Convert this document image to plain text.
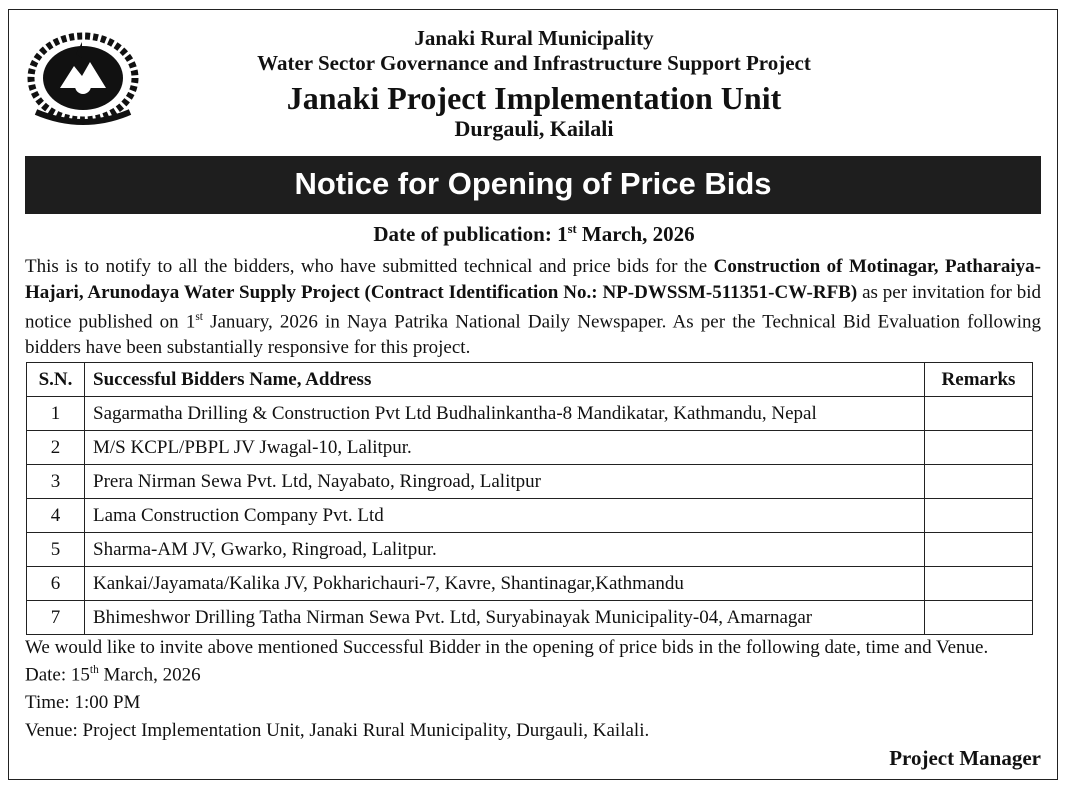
Janaki Rural Municipality

Water Sector Governance and Infrastructure Support Project

Janaki Project Implementation Unit

Durgauli, Kailali

Notice for Opening of Price Bids
Date of publication: 1st March, 2026

This is to notify to all the bidders, who have submitted technical and price bids for the Construction of Motinagar, Patharaiya-Hajari, Arunodaya Water Supply Project (Contract Identification No.: NP-DWSSM-511351-CW-RFB) as per invitation for bid notice published on 1st January, 2026 in Naya Patrika National Daily Newspaper. As per the Technical Bid Evaluation following bidders have been substantially responsive for this project.

S.N.	Successful Bidders Name, Address	Remarks
1	Sagarmatha Drilling & Construction Pvt Ltd Budhalinkantha-8 Mandikatar, Kathmandu, Nepal	
2	M/S KCPL/PBPL JV Jwagal-10, Lalitpur.	
3	Prera Nirman Sewa Pvt. Ltd, Nayabato, Ringroad, Lalitpur	
4	Lama Construction Company Pvt. Ltd	
5	Sharma-AM JV, Gwarko, Ringroad, Lalitpur.	
6	Kankai/Jayamata/Kalika JV, Pokharichauri-7, Kavre, Shantinagar,Kathmandu	
7	Bhimeshwor Drilling Tatha Nirman Sewa Pvt. Ltd, Suryabinayak Municipality-04, Amarnagar	

We would like to invite above mentioned Successful Bidder in the opening of price bids in the following date, time and Venue.

Date: 15th March, 2026

Time: 1:00 PM

Venue: Project Implementation Unit, Janaki Rural Municipality, Durgauli, Kailali.

Project Manager
